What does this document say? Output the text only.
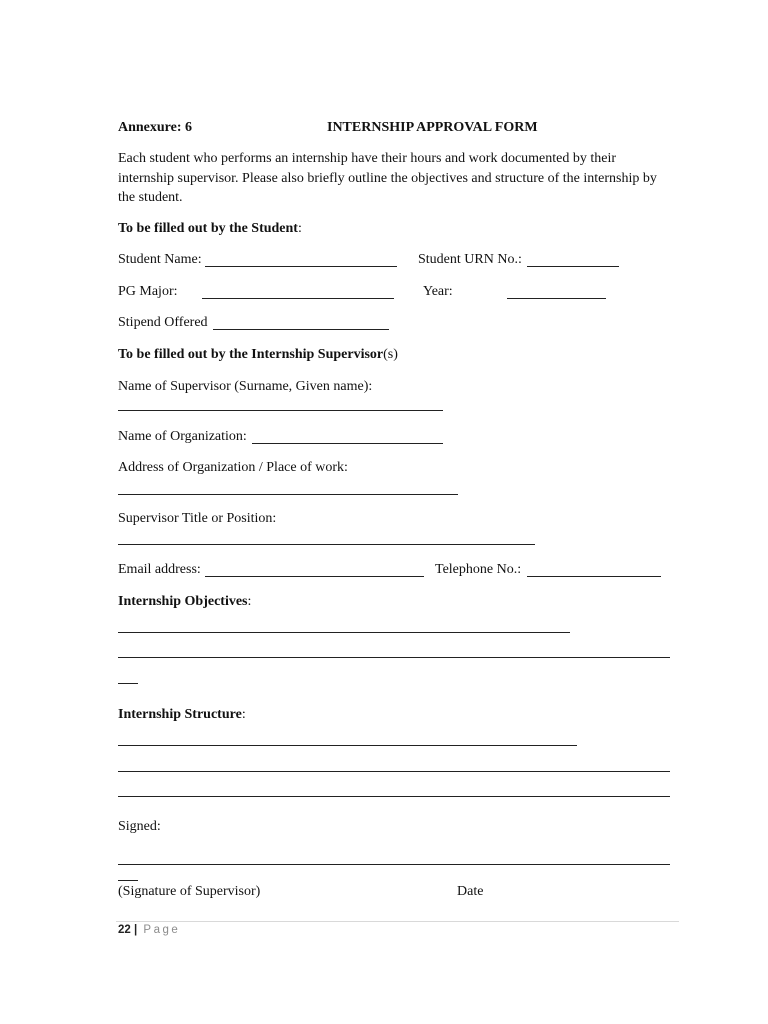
Annexure: 6	INTERNSHIP APPROVAL FORM
Each student who performs an internship have their hours and work documented by their internship supervisor. Please also briefly outline the objectives and structure of the internship by the student.
To be filled out by the Student:
Student Name:	Student URN No.:
PG Major:	Year:
Stipend Offered
To be filled out by the Internship Supervisor(s)
Name of Supervisor (Surname, Given name):
Name of Organization:
Address of Organization / Place of work:
Supervisor Title or Position:
Email address:	Telephone No.:
Internship Objectives:
Internship Structure:
Signed:
(Signature of Supervisor)	Date
22 | Page
